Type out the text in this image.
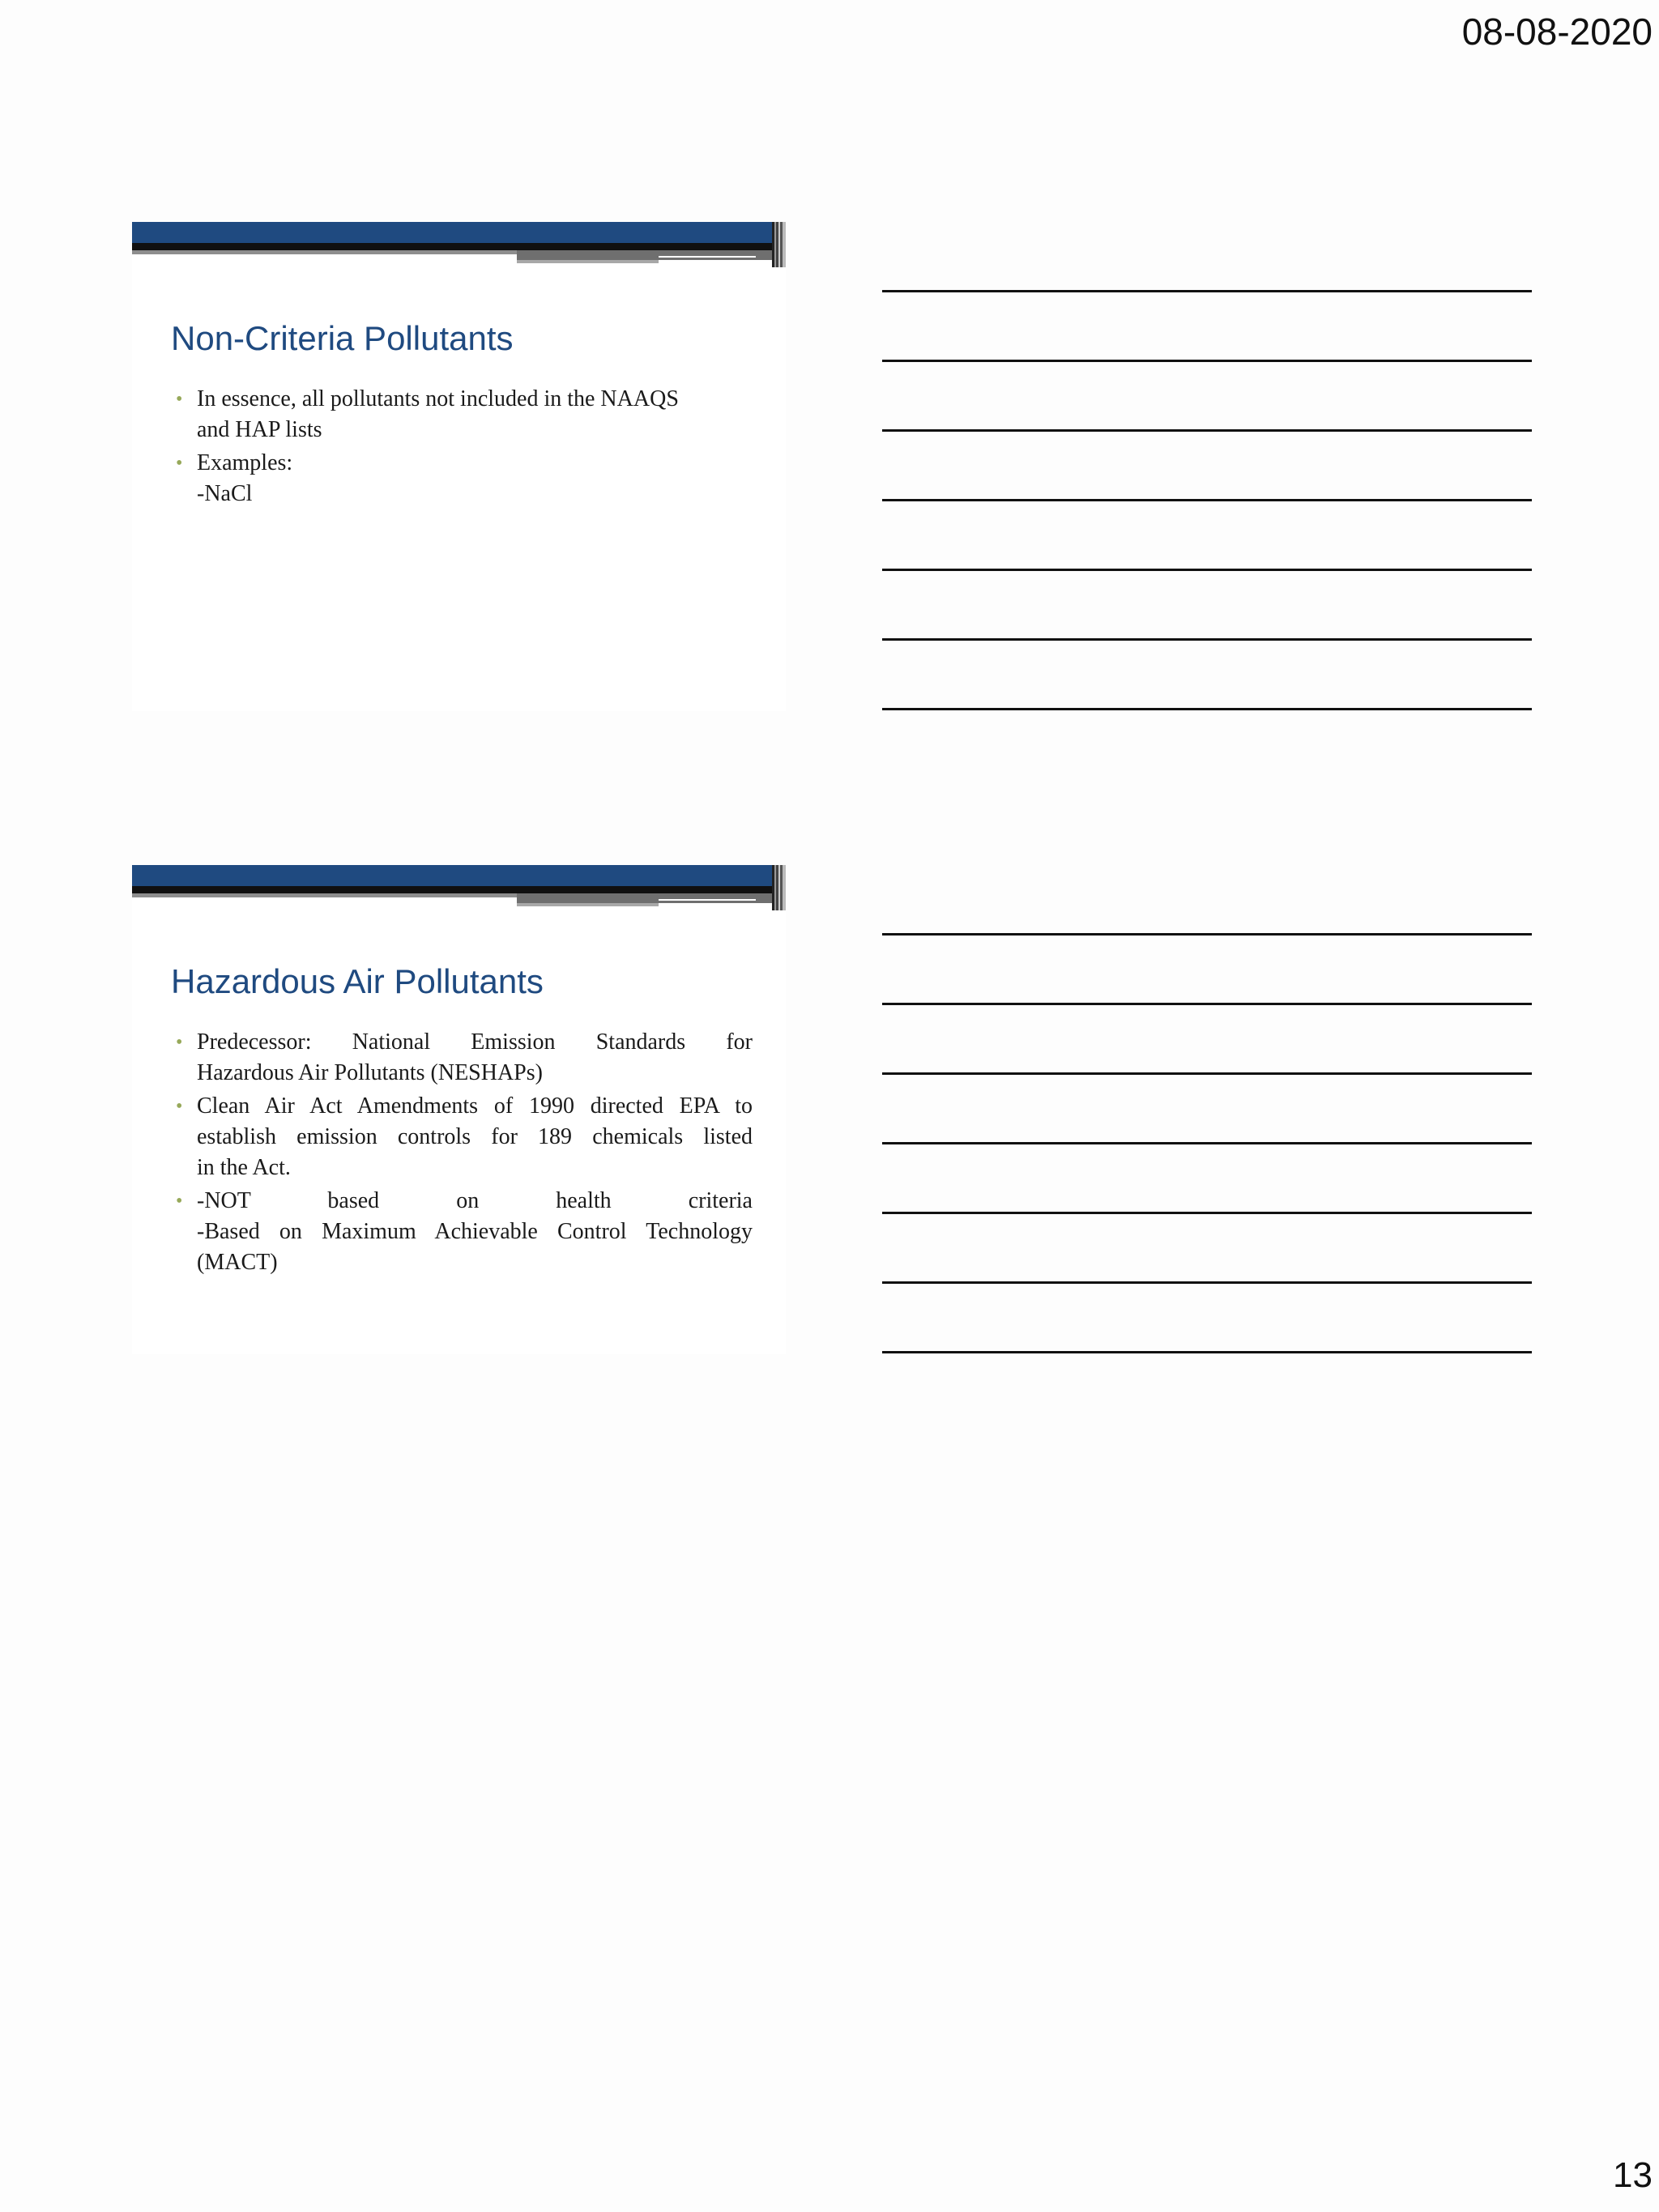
08-08-2020
Non-Criteria Pollutants
• In essence, all pollutants not included in the NAAQS
and HAP lists
• Examples:
-NaCl
Hazardous Air Pollutants
• Predecessor: National Emission Standards for
Hazardous Air Pollutants (NESHAPs)
• Clean Air Act Amendments of 1990 directed EPA to
establish emission controls for 189 chemicals listed
in the Act.
• -NOT based on health criteria
-Based on Maximum Achievable Control Technology
(MACT)
13
